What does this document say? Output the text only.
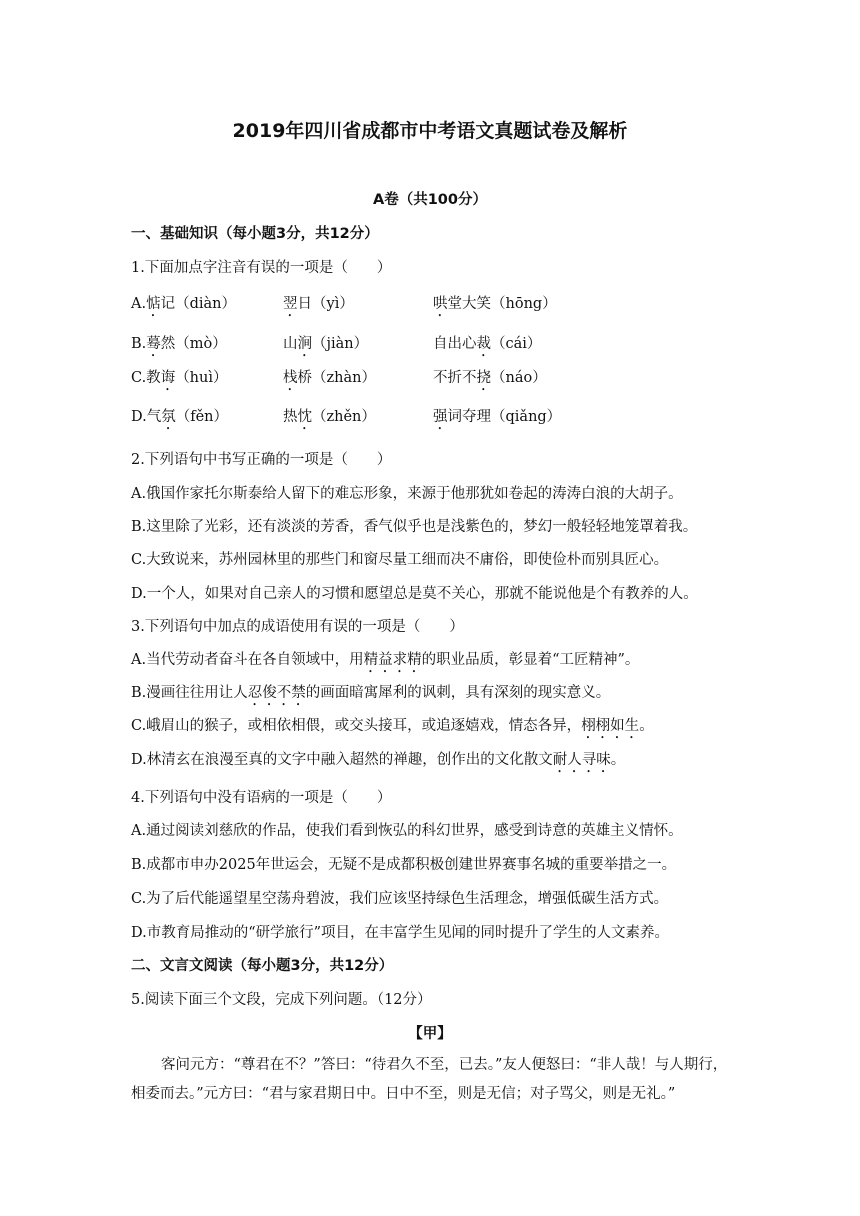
2019年四川省成都市中考语文真题试卷及解析
A卷（共100分）
一、基础知识（每小题3分，共12分）
1.下面加点字注音有误的一项是（　　）
A.惦记（diàn）	翌日（yì）	哄堂大笑（hōng）
B.蓦然（mò）	山涧（jiàn）	自出心裁（cái）
C.教诲（huì）	栈桥（zhàn）	不折不挠（náo）
D.气氛（fěn）	热忱（zhěn）	强词夺理（qiǎng）
2.下列语句中书写正确的一项是（　　）
A.俄国作家托尔斯泰给人留下的难忘形象，来源于他那犹如卷起的涛涛白浪的大胡子。
B.这里除了光彩，还有淡淡的芳香，香气似乎也是浅紫色的，梦幻一般轻轻地笼罩着我。
C.大致说来，苏州园林里的那些门和窗尽量工细而决不庸俗，即使俭朴而别具匠心。
D.一个人，如果对自己亲人的习惯和愿望总是莫不关心，那就不能说他是个有教养的人。
3.下列语句中加点的成语使用有误的一项是（　　）
A.当代劳动者奋斗在各自领域中，用精益求精的职业品质，彰显着“工匠精神”。
B.漫画往往用让人忍俊不禁的画面暗寓犀利的讽刺，具有深刻的现实意义。
C.峨眉山的猴子，或相依相偎，或交头接耳，或追逐嬉戏，情态各异，栩栩如生。
D.林清玄在浪漫至真的文字中融入超然的禅趣，创作出的文化散文耐人寻味。
4.下列语句中没有语病的一项是（　　）
A.通过阅读刘慈欣的作品，使我们看到恢弘的科幻世界，感受到诗意的英雄主义情怀。
B.成都市申办2025年世运会，无疑不是成都积极创建世界赛事名城的重要举措之一。
C.为了后代能遥望星空荡舟碧波，我们应该坚持绿色生活理念，增强低碳生活方式。
D.市教育局推动的“研学旅行”项目，在丰富学生见闻的同时提升了学生的人文素养。
二、文言文阅读（每小题3分，共12分）
5.阅读下面三个文段，完成下列问题。（12分）
【甲】
客问元方：“尊君在不？”答曰：“待君久不至，已去。”友人便怒曰：“非人哉！与人期行，相委而去。”元方曰：“君与家君期日中。日中不至，则是无信；对子骂父，则是无礼。”
